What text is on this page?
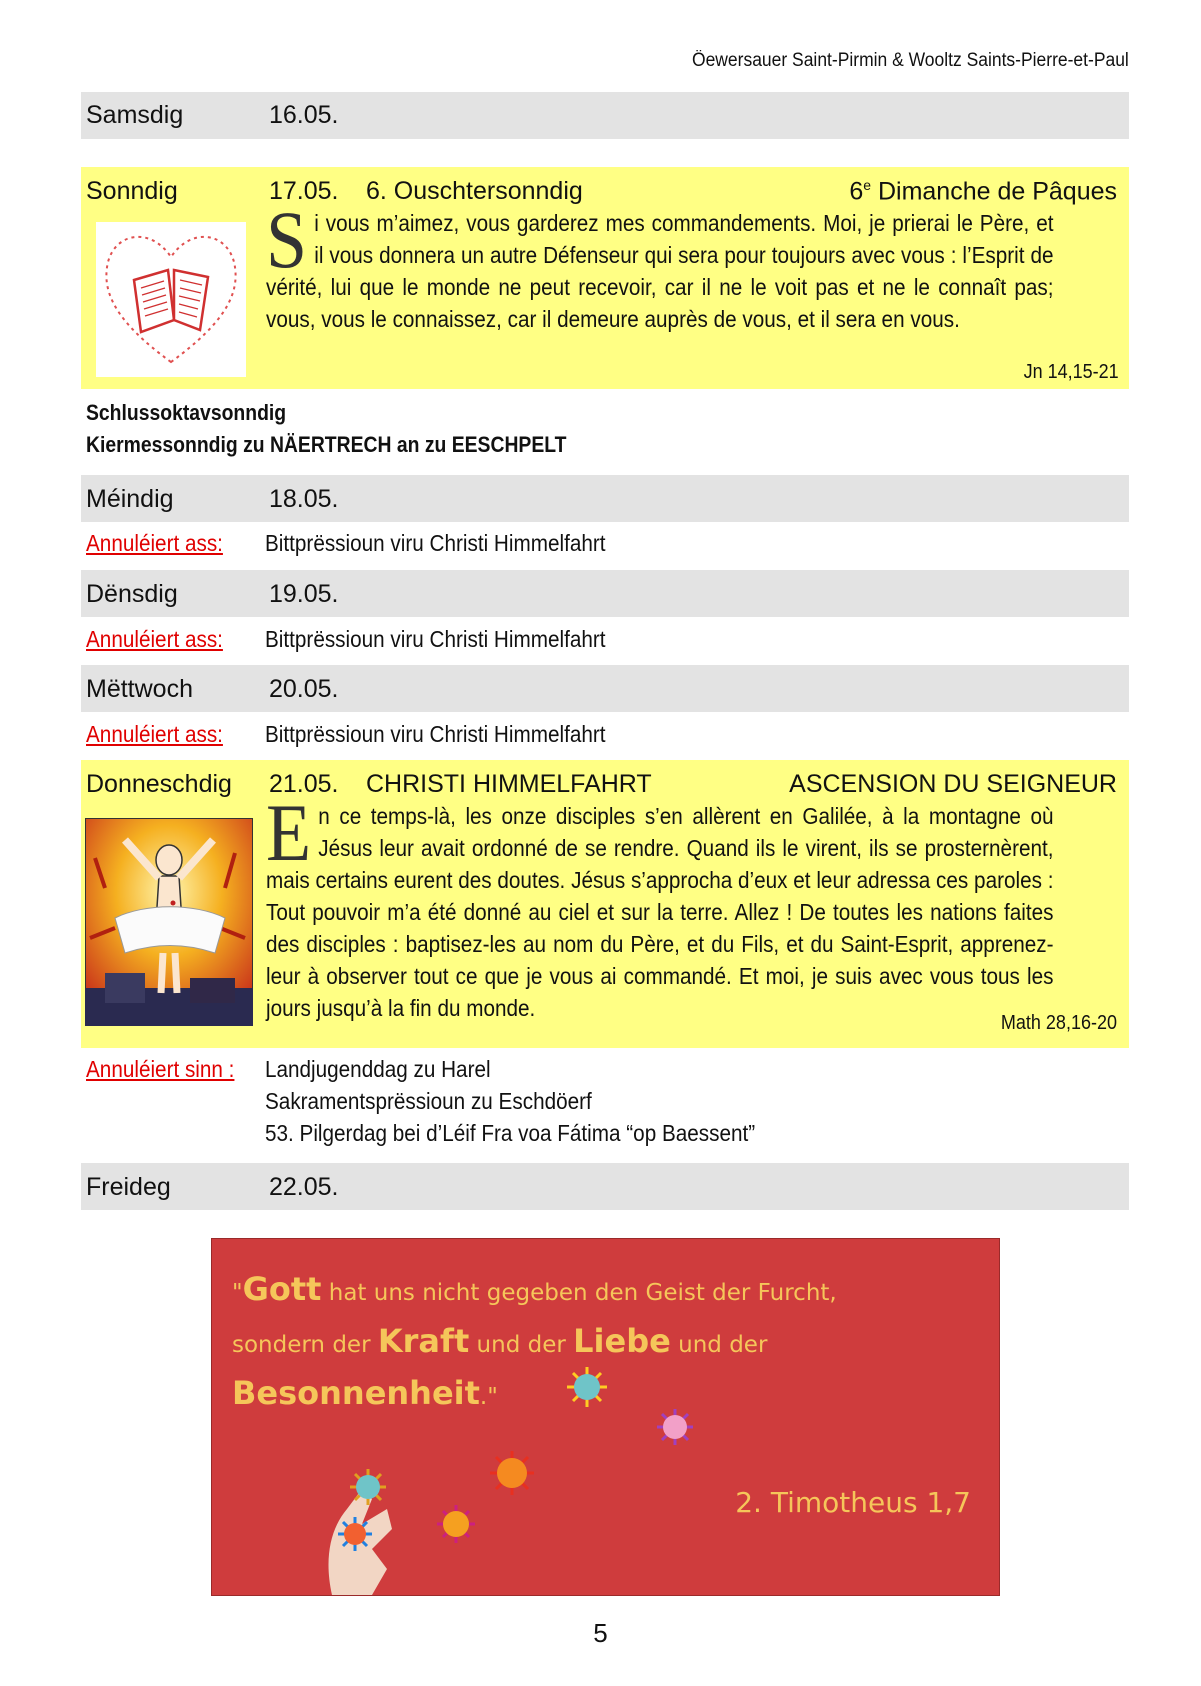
Öewersauer Saint-Pirmin & Wooltz Saints-Pierre-et-Paul
Samsdig	16.05.
Sonndig	17.05. 6. Ouschtersonndig	6e Dimanche de Pâques
Si vous m’aimez, vous garderez mes commandements. Moi, je prierai le Père, et il vous donnera un autre Défenseur qui sera pour toujours avec vous : l’Esprit de vérité, lui que le monde ne peut recevoir, car il ne le voit pas et ne le connaît pas; vous, vous le connaissez, car il demeure auprès de vous, et il sera en vous.
Jn 14,15-21
Schlussoktavsonndig
Kiermessonndig zu NÄERTRECH an zu EESCHPELT
Méindig	18.05.
Annuléiert ass: Bittprëssioun viru Christi Himmelfahrt
Dënsdig	19.05.
Annuléiert ass: Bittprëssioun viru Christi Himmelfahrt
Mëttwoch	20.05.
Annuléiert ass: Bittprëssioun viru Christi Himmelfahrt
Donneschdig 21.05. CHRISTI HIMMELFAHRT	ASCENSION DU SEIGNEUR
En ce temps-là, les onze disciples s’en allèrent en Galilée, à la montagne où Jésus leur avait ordonné de se rendre. Quand ils le virent, ils se prosternèrent, mais certains eurent des doutes. Jésus s’approcha d’eux et leur adressa ces paroles : Tout pouvoir m’a été donné au ciel et sur la terre. Allez ! De toutes les nations faites des disciples : baptisez-les au nom du Père, et du Fils, et du Saint-Esprit, apprenez-leur à observer tout ce que je vous ai commandé. Et moi, je suis avec vous tous les jours jusqu’à la fin du monde.
Math 28,16-20
Annuléiert sinn : Landjugenddag zu Harel
Sakramentsprëssioun zu Eschdöerf
53. Pilgerdag bei d’Léif Fra voa Fátima “op Baessent”
Freideg	22.05.
"Gott hat uns nicht gegeben den Geist der Furcht,
sondern der Kraft und der Liebe und der Besonnenheit."
2. Timotheus 1,7
5
